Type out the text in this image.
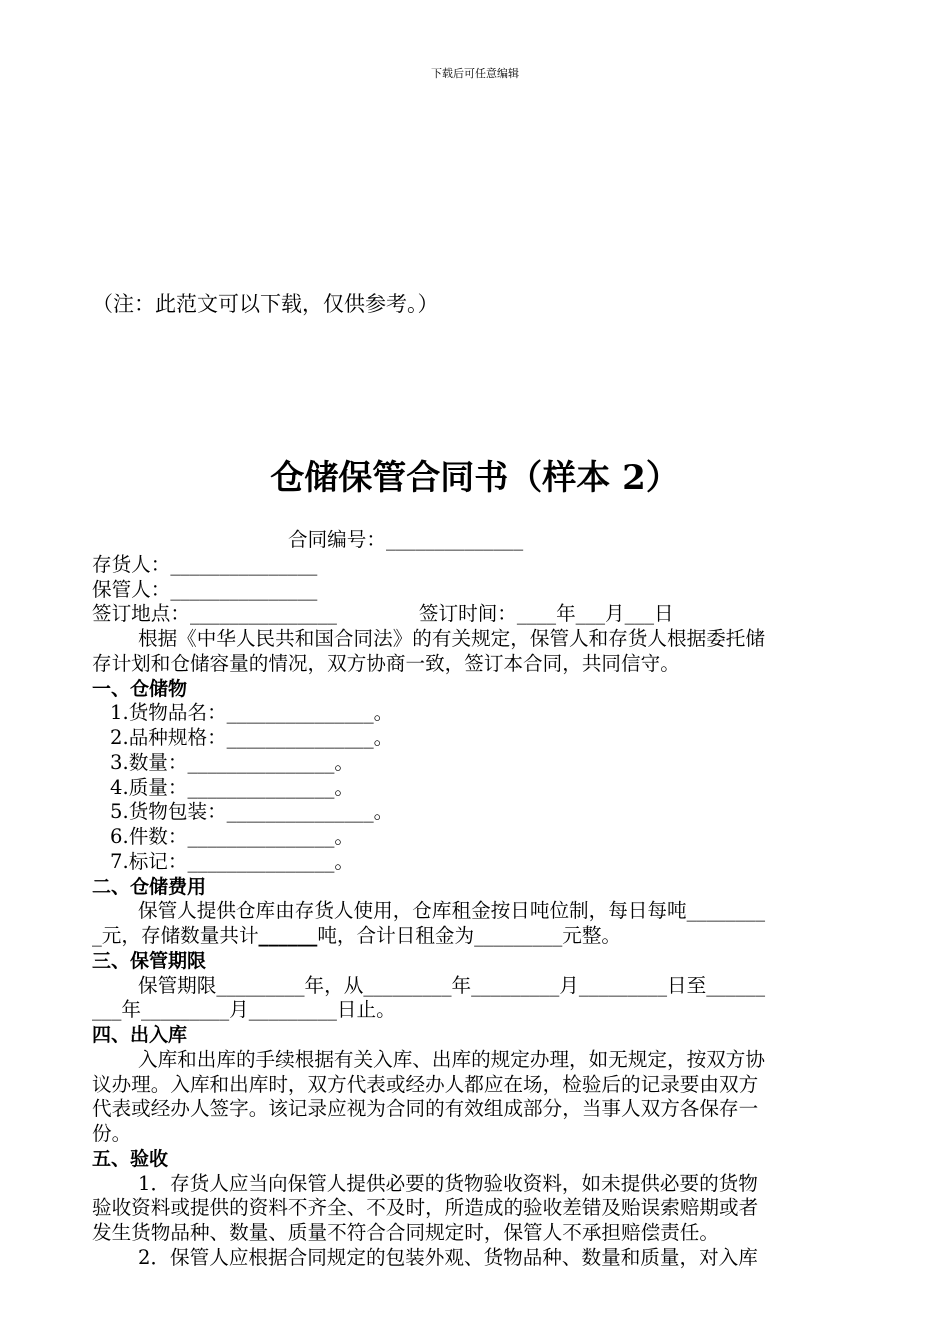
下载后可任意编辑
（注：此范文可以下载，仅供参考。）
仓储保管合同书（样本 2）
合同编号：______________
存货人：_______________
保管人：_______________
签订地点：_______________	签订时间：____年___月___日
根据《中华人民共和国合同法》的有关规定，保管人和存货人根据委托储
存计划和仓储容量的情况，双方协商一致，签订本合同，共同信守。
一、仓储物
1.货物品名：_______________。
2.品种规格：_______________。
3.数量：_______________。
4.质量：_______________。
5.货物包装：_______________。
6.件数：_______________。
7.标记：_______________。
二、仓储费用
保管人提供仓库由存货人使用，仓库租金按日吨位制，每日每吨________
_元，存储数量共计______吨，合计日租金为_________元整。
三、保管期限
保管期限_________年，从_________年_________月_________日至______
___年_________月_________日止。
四、出入库
入库和出库的手续根据有关入库、出库的规定办理，如无规定，按双方协
议办理。入库和出库时，双方代表或经办人都应在场，检验后的记录要由双方
代表或经办人签字。该记录应视为合同的有效组成部分，当事人双方各保存一
份。
五、验收
1．存货人应当向保管人提供必要的货物验收资料，如未提供必要的货物
验收资料或提供的资料不齐全、不及时，所造成的验收差错及贻误索赔期或者
发生货物品种、数量、质量不符合合同规定时，保管人不承担赔偿责任。
2．保管人应根据合同规定的包装外观、货物品种、数量和质量，对入库
